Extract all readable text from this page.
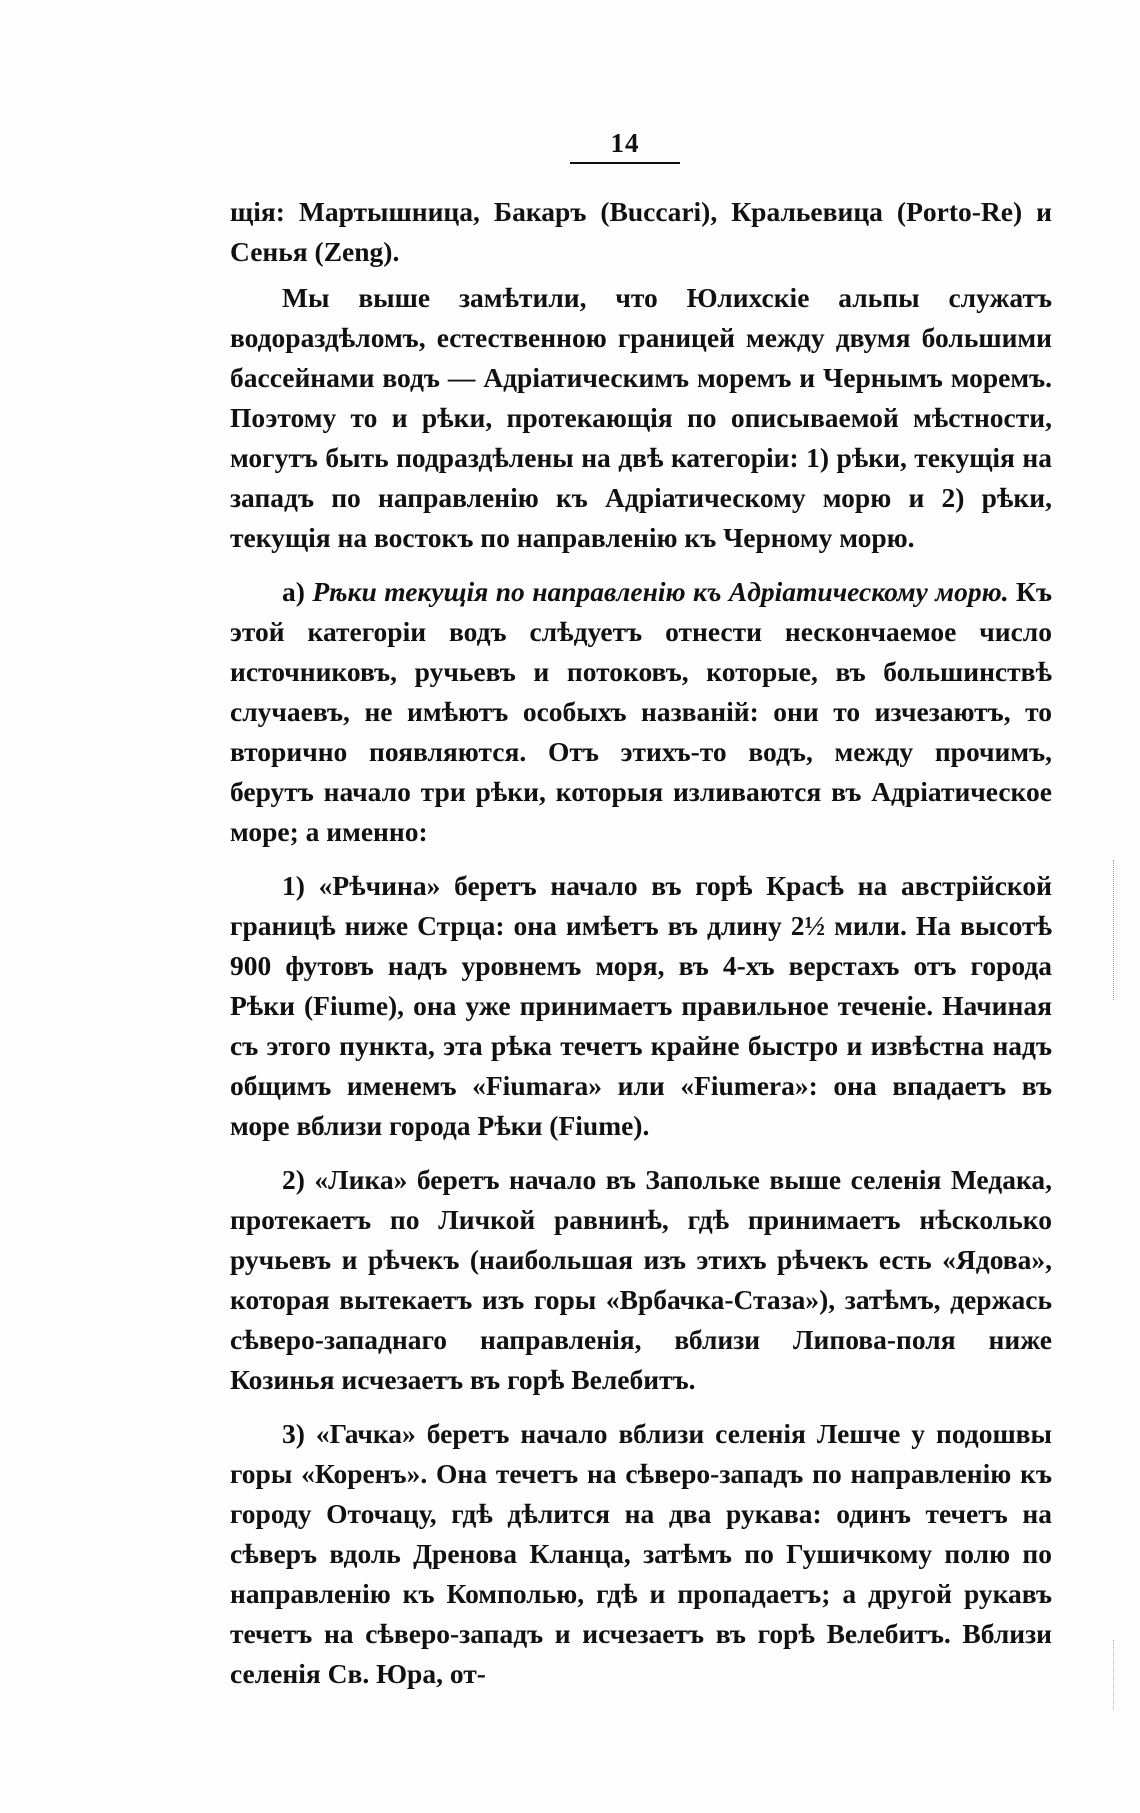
14

щія: Мартышница, Бакаръ (Buccari), Кральевица (Porto-Re) и Сенья (Zeng).

Мы выше замѣтили, что Юлихскіе альпы служатъ водораздѣломъ, естественною границей между двумя большими бассейнами водъ — Адріатическимъ моремъ и Чернымъ моремъ. Поэтому то и рѣки, протекающія по описываемой мѣстности, могутъ быть подраздѣлены на двѣ категоріи: 1) рѣки, текущія на западъ по направленію къ Адріатическому морю и 2) рѣки, текущія на востокъ по направленію къ Черному морю.

а) Рѣки текущія по направленію къ Адріатическому морю. Къ этой категоріи водъ слѣдуетъ отнести нескончаемое число источниковъ, ручьевъ и потоковъ, которые, въ большинствѣ случаевъ, не имѣютъ особыхъ названій: они то изчезаютъ, то вторично появляются. Отъ этихъ-то водъ, между прочимъ, берутъ начало три рѣки, которыя изливаются въ Адріатическое море; а именно:

1) «Рѣчина» беретъ начало въ горѣ Красѣ на австрійской границѣ ниже Стрца: она имѣетъ въ длину 2½ мили. На высотѣ 900 футовъ надъ уровнемъ моря, въ 4-хъ верстахъ отъ города Рѣки (Fiume), она уже принимаетъ правильное теченіе. Начиная съ этого пункта, эта рѣка течетъ крайне быстро и извѣстна надъ общимъ именемъ «Fiumara» или «Fiumera»: она впадаетъ въ море вблизи города Рѣки (Fiume).

2) «Лика» беретъ начало въ Запольке выше селенія Медака, протекаетъ по Личкой равнинѣ, гдѣ принимаетъ нѣсколько ручьевъ и рѣчекъ (наибольшая изъ этихъ рѣчекъ есть «Ядова», которая вытекаетъ изъ горы «Врбачка-Стаза»), затѣмъ, держась сѣверо-западнаго направленія, вблизи Липова-поля ниже Козинья исчезаетъ въ горѣ Велебитъ.

3) «Гачка» беретъ начало вблизи селенія Лешче у подошвы горы «Коренъ». Она течетъ на сѣверо-западъ по направленію къ городу Оточацу, гдѣ дѣлится на два рукава: одинъ течетъ на сѣверъ вдоль Дренова Кланца, затѣмъ по Гушичкому полю по направленію къ Комполью, гдѣ и пропадаетъ; а другой рукавъ течетъ на сѣверо-западъ и исчезаетъ въ горѣ Велебитъ. Вблизи селенія Св. Юра, от-
